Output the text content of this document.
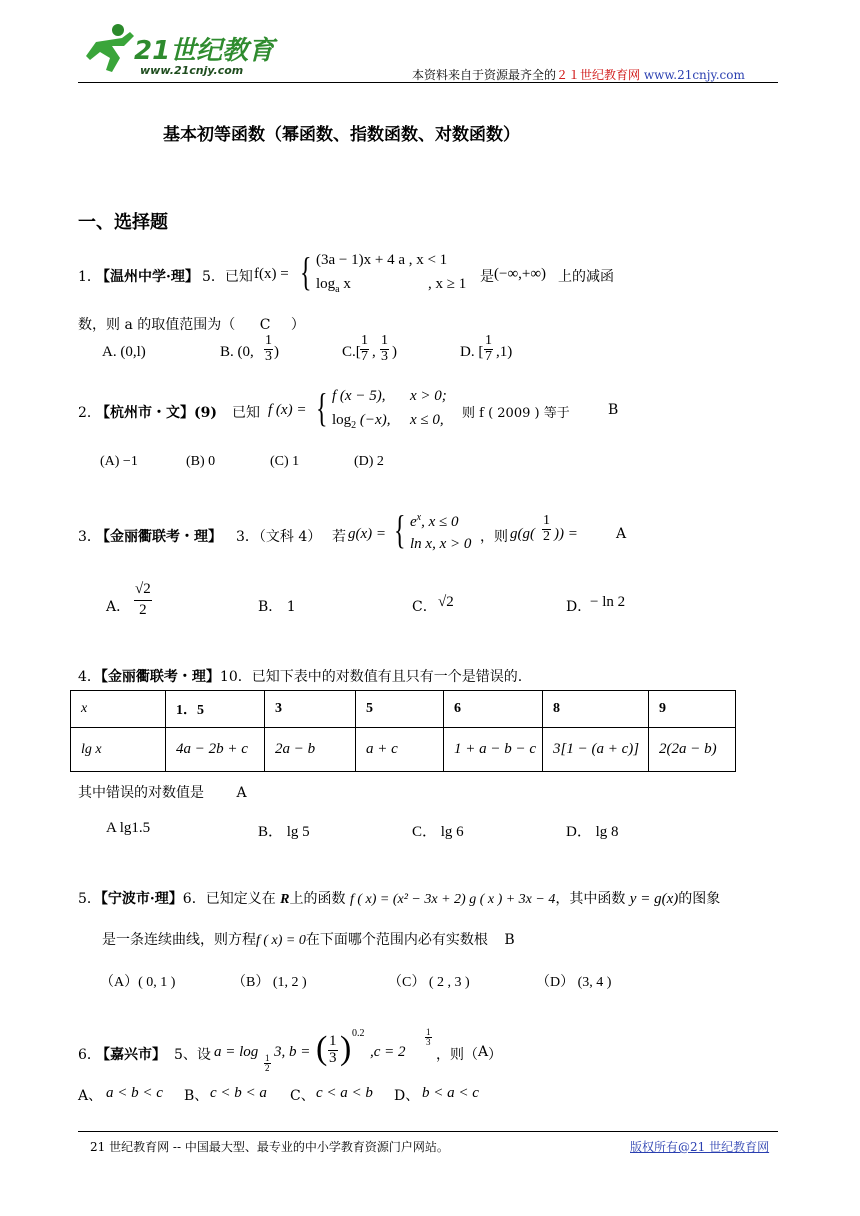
21世纪教育
www.21cnjy.com	本资料来自于资源最齐全的２１世纪教育网 www.21cnjy.com
基本初等函数（幂函数、指数函数、对数函数）
一、选择题
1．
【温州中学·理】 5．已知 f(x) = { (3a − 1)x + 4 a , x < 1
$\log_a x$	, x ≥ 1 是 (−∞,+∞) 上的减函
数，则 a 的取值范围为（ C ）
A. (0,l)	B. (0, $\frac{1}{3}$ )	$C.[ \frac{1}{7}$ , $\frac{1}{3}$ )	D. [ $\frac{1}{7} ,1$)
2．
【杭州市・文】(9) 已知 f (x) = { f (x − 5), x > 0;
$\log_2 (-x)$, x ≤ 0, 则 f ( 2009 ) 等于	B
(A) −1	(B) 0	(C) 1	(D) 2
3．
【金丽衢联考・理】 3．（文科 4） 若 g(x) = { $e^x$, x ≤ 0
ln x, x > 0 ，则 $g(g( \frac{1}{2}$ )) =	A
A． $\frac{√2}{2}$	B． 1	C． √2	D．
− ln 2
4．【金丽衢联考・理】10．已知下表中的对数值有且只有一个是错误的.
x	1．5	3	5	6	8	9
lg x	4a − 2b + c	2a − b	a + c	1 + a − b − c	3[1 − (a + c)]	2(2a − b)
其中错误的对数值是 A
A lg1.5	B． lg 5	C． lg 6	D． lg 8
5．【宁波市·理】6．已知定义在 R上的函数 f ( x) = (x² − 3x + 2) g ( x ) + 3x − 4，其中函数 y = g(x)的图象
是一条连续曲线，则方程f ( x) = 0在下面哪个范围内必有实数根 B
（A）( 0, 1 )	（B） (1, 2 )	（C） ( 2 , 3 )	（D） (3, 4 )
6．
【嘉兴市】 5、设 a = log
$\frac{1}{2}$
3, b = ( $\frac{1}{3}$ ) 0.2
,c = 2
$\frac{1}{3}$
，则（ A ）
A、 a < b < c B、 c < b < a C、 c < a < b D、 b < a < c
21 世纪教育网 -- 中国最大型、最专业的中小学教育资源门户网站。	版权所有@21 世纪教育网
